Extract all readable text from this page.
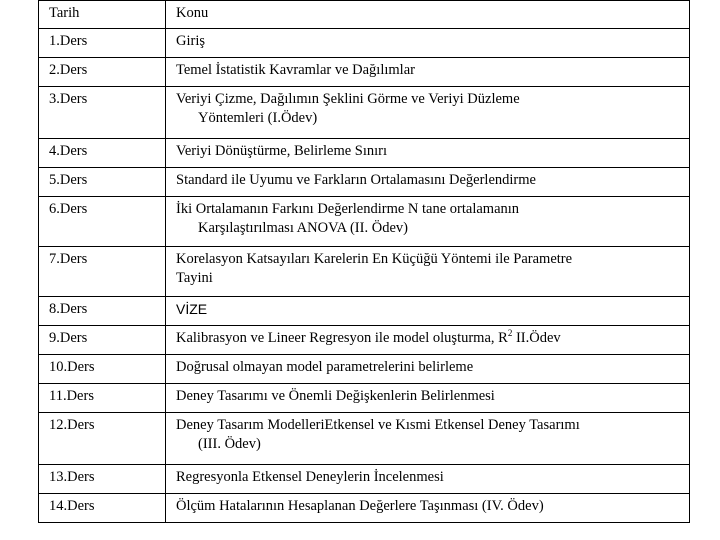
Tarih	Konu
1.Ders	Giriş
2.Ders	Temel İstatistik Kavramlar ve Dağılımlar
3.Ders	Veriyi Çizme, Dağılımın Şeklini Görme ve Veriyi Düzleme
Yöntemleri (I.Ödev)

4.Ders	Veriyi Dönüştürme, Belirleme Sınırı
5.Ders	Standard ile Uyumu ve Farkların Ortalamasını Değerlendirme
6.Ders	İki Ortalamanın Farkını Değerlendirme N tane ortalamanın
Karşılaştırılması ANOVA (II. Ödev)

7.Ders	Korelasyon Katsayıları Karelerin En Küçüğü Yöntemi ile Parametre
Tayini

8.Ders	VİZE
9.Ders	Kalibrasyon ve Lineer Regresyon ile model oluşturma, $R^2$ II.Ödev
10.Ders	Doğrusal olmayan model parametrelerini belirleme
11.Ders	Deney Tasarımı ve Önemli Değişkenlerin Belirlenmesi
12.Ders	Deney Tasarım ModelleriEtkensel ve Kısmi Etkensel Deney Tasarımı
(III. Ödev)

13.Ders	Regresyonla Etkensel Deneylerin İncelenmesi
14.Ders	Ölçüm Hatalarının Hesaplanan Değerlere Taşınması (IV. Ödev)
